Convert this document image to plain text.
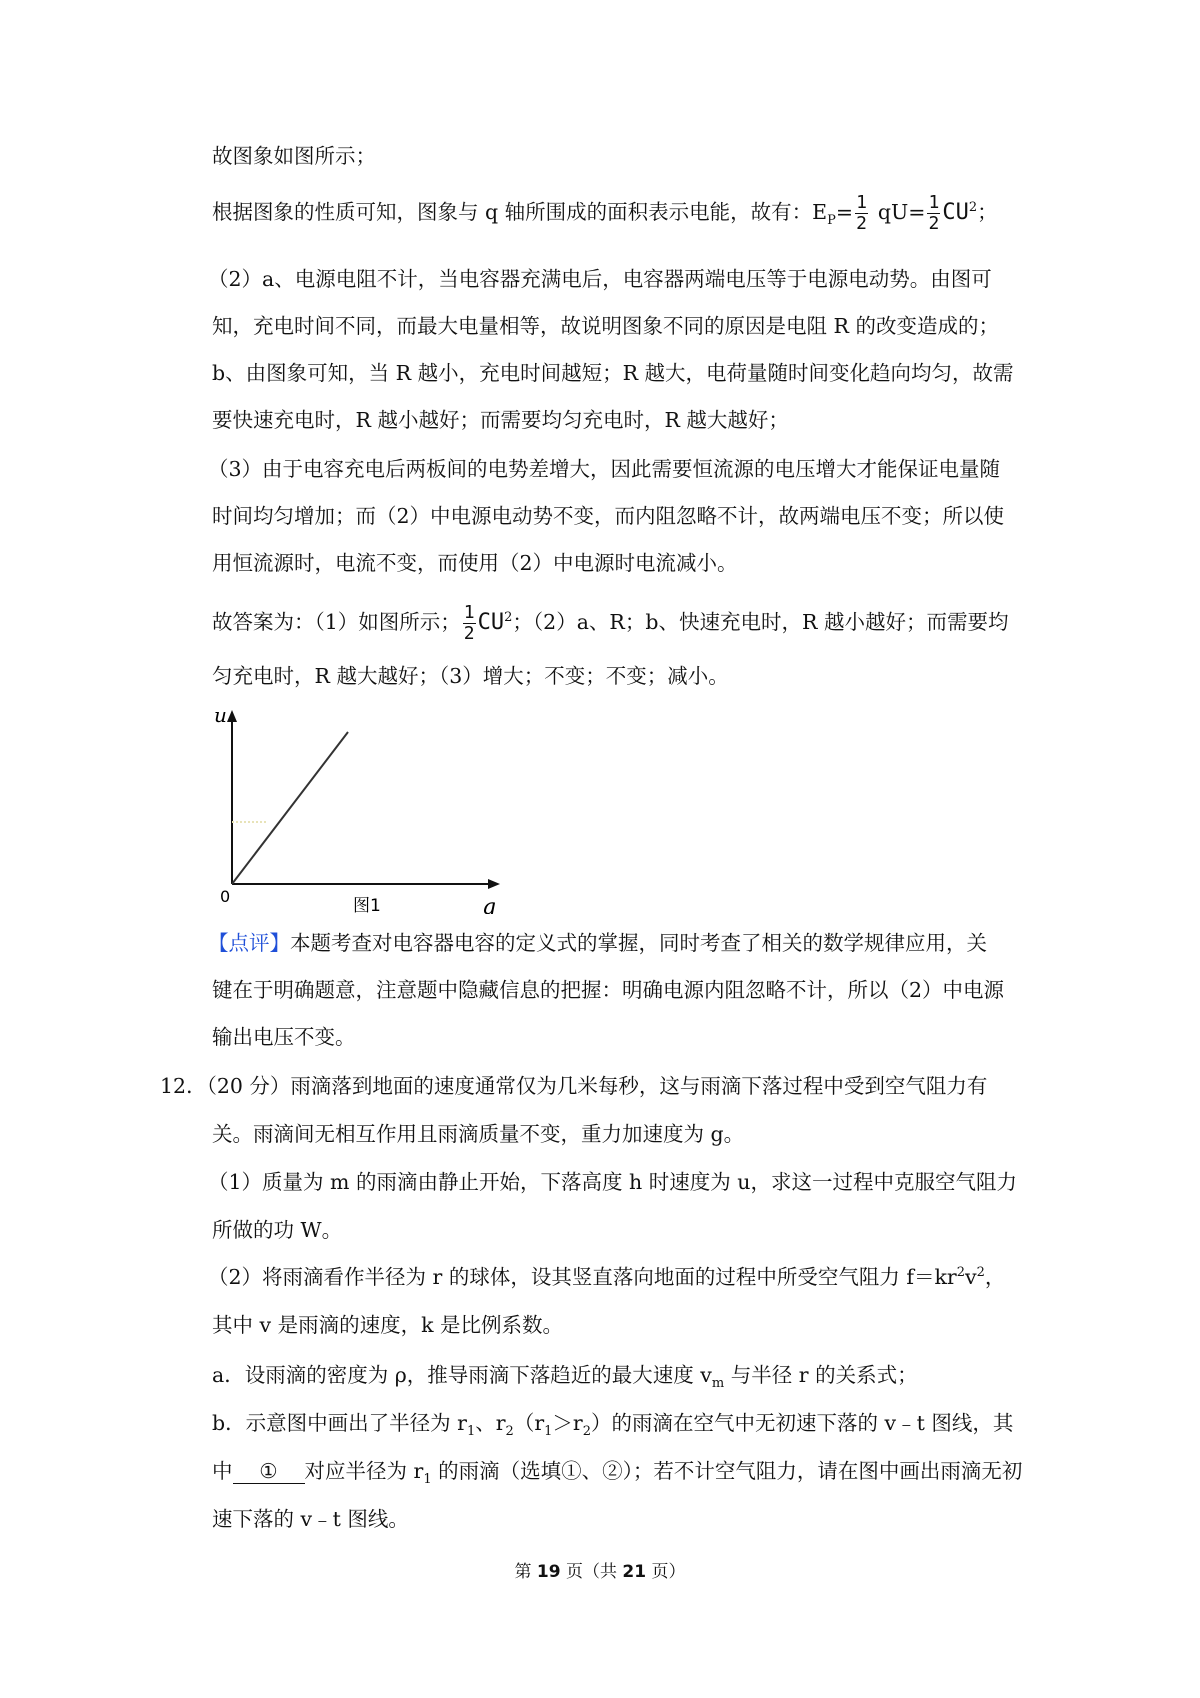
故图象如图所示；
根据图象的性质可知，图象与 q 轴所围成的面积表示电能，故有：$E_P= \frac{1}{2} qU= \frac{1}{2} CU^2$；
（2）a、电源电阻不计，当电容器充满电后，电容器两端电压等于电源电动势。由图可
知，充电时间不同，而最大电量相等，故说明图象不同的原因是电阻 R 的改变造成的；
b、由图象可知，当 R 越小，充电时间越短；R 越大，电荷量随时间变化趋向均匀，故需
要快速充电时，R 越小越好；而需要均匀充电时，R 越大越好；
（3）由于电容充电后两板间的电势差增大，因此需要恒流源的电压增大才能保证电量随
时间均匀增加；而（2）中电源电动势不变，而内阻忽略不计，故两端电压不变；所以使
用恒流源时，电流不变，而使用（2）中电源时电流减小。
故答案为：（1）如图所示； $\frac{1}{2} CU^2$；（2）a、R；b、快速充电时，R 越小越好；而需要均
匀充电时，R 越大越好；（3）增大；不变；不变；减小。
u
q
0	图1
【点评】本题考查对电容器电容的定义式的掌握，同时考查了相关的数学规律应用，关
键在于明确题意，注意题中隐藏信息的把握：明确电源内阻忽略不计，所以（2）中电源
输出电压不变。
12．（20 分）雨滴落到地面的速度通常仅为几米每秒，这与雨滴下落过程中受到空气阻力有
关。雨滴间无相互作用且雨滴质量不变，重力加速度为 g。
（1）质量为 m 的雨滴由静止开始，下落高度 h 时速度为 u，求这一过程中克服空气阻力
所做的功 W。
（2）将雨滴看作半径为 r 的球体，设其竖直落向地面的过程中所受空气阻力 $f=kr^2v^2$，
其中 v 是雨滴的速度，k 是比例系数。
a．设雨滴的密度为 ρ，推导雨滴下落趋近的最大速度 $v_m$ 与半径 r 的关系式；
b．示意图中画出了半径为 $r_1$、$r_2(r_1>r_2)$的雨滴在空气中无初速下落的 v﹣t 图线，其
中 ① 对应半径为 $r_1$ 的雨滴（选填①、②）；若不计空气阻力，请在图中画出雨滴无初
速下落的 v﹣t 图线。
第 19 页（共 21 页）
